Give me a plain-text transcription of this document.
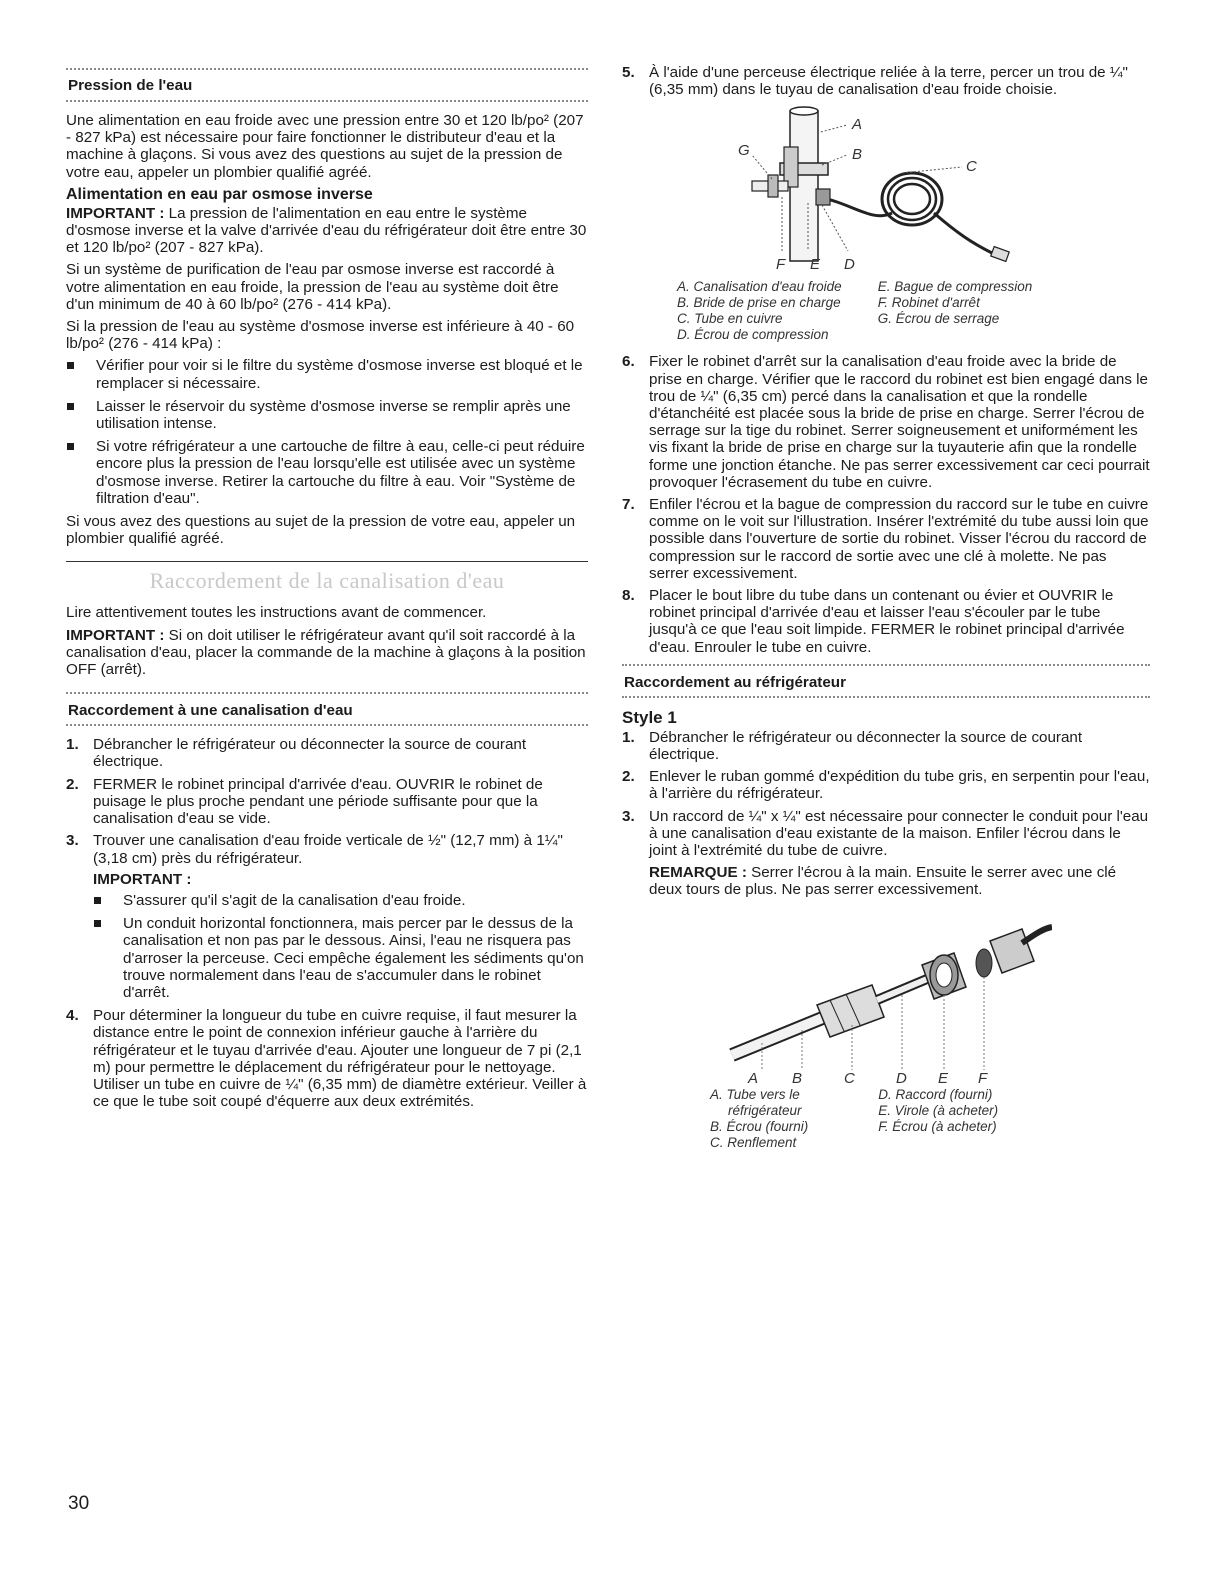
Pression de l'eau

Une alimentation en eau froide avec une pression entre 30 et 120 lb/po² (207 - 827 kPa) est nécessaire pour faire fonctionner le distributeur d'eau et la machine à glaçons. Si vous avez des questions au sujet de la pression de votre eau, appeler un plombier qualifié agréé.

Alimentation en eau par osmose inverse

IMPORTANT : La pression de l'alimentation en eau entre le système d'osmose inverse et la valve d'arrivée d'eau du réfrigérateur doit être entre 30 et 120 lb/po² (207 - 827 kPa).

Si un système de purification de l'eau par osmose inverse est raccordé à votre alimentation en eau froide, la pression de l'eau au système doit être d'un minimum de 40 à 60 lb/po² (276 - 414 kPa).

Si la pression de l'eau au système d'osmose inverse est inférieure à 40 - 60 lb/po² (276 - 414 kPa) :

Vérifier pour voir si le filtre du système d'osmose inverse est bloqué et le remplacer si nécessaire.
Laisser le réservoir du système d'osmose inverse se remplir après une utilisation intense.
Si votre réfrigérateur a une cartouche de filtre à eau, celle-ci peut réduire encore plus la pression de l'eau lorsqu'elle est utilisée avec un système d'osmose inverse. Retirer la cartouche du filtre à eau. Voir "Système de filtration d'eau".

Si vous avez des questions au sujet de la pression de votre eau, appeler un plombier qualifié agréé.

Raccordement de la canalisation d'eau

Lire attentivement toutes les instructions avant de commencer.

IMPORTANT : Si on doit utiliser le réfrigérateur avant qu'il soit raccordé à la canalisation d'eau, placer la commande de la machine à glaçons à la position OFF (arrêt).

Raccordement à une canalisation d'eau
1. Débrancher le réfrigérateur ou déconnecter la source de courant électrique.
2. FERMER le robinet principal d'arrivée d'eau. OUVRIR le robinet de puisage le plus proche pendant une période suffisante pour que la canalisation d'eau se vide.
3. Trouver une canalisation d'eau froide verticale de ½" (12,7 mm) à 1¼" (3,18 cm) près du réfrigérateur.
IMPORTANT :
S'assurer qu'il s'agit de la canalisation d'eau froide.
Un conduit horizontal fonctionnera, mais percer par le dessus de la canalisation et non pas par le dessous. Ainsi, l'eau ne risquera pas d'arroser la perceuse. Ceci empêche également les sédiments qu'on trouve normalement dans l'eau de s'accumuler dans le robinet d'arrêt.
4. Pour déterminer la longueur du tube en cuivre requise, il faut mesurer la distance entre le point de connexion inférieur gauche à l'arrière du réfrigérateur et le tuyau d'arrivée d'eau. Ajouter une longueur de 7 pi (2,1 m) pour permettre le déplacement du réfrigérateur pour le nettoyage. Utiliser un tube en cuivre de ¼" (6,35 mm) de diamètre extérieur. Veiller à ce que le tube soit coupé d'équerre aux deux extrémités.
5. À l'aide d'une perceuse électrique reliée à la terre, percer un trou de ¼" (6,35 mm) dans le tuyau de canalisation d'eau froide choisie.
A
B
C
G
F E D
A. Canalisation d'eau froide
B. Bride de prise en charge
C. Tube en cuivre
D. Écrou de compression
E. Bague de compression
F. Robinet d'arrêt
G. Écrou de serrage
6. Fixer le robinet d'arrêt sur la canalisation d'eau froide avec la bride de prise en charge. Vérifier que le raccord du robinet est bien engagé dans le trou de ¼" (6,35 cm) percé dans la canalisation et que la rondelle d'étanchéité est placée sous la bride de prise en charge. Serrer l'écrou de serrage sur la tige du robinet. Serrer soigneusement et uniformément les vis fixant la bride de prise en charge sur la tuyauterie afin que la rondelle forme une jonction étanche. Ne pas serrer excessivement car ceci pourrait provoquer l'écrasement du tube en cuivre.
7. Enfiler l'écrou et la bague de compression du raccord sur le tube en cuivre comme on le voit sur l'illustration. Insérer l'extrémité du tube aussi loin que possible dans l'ouverture de sortie du robinet. Visser l'écrou du raccord de compression sur le raccord de sortie avec une clé à molette. Ne pas serrer excessivement.
8. Placer le bout libre du tube dans un contenant ou évier et OUVRIR le robinet principal d'arrivée d'eau et laisser l'eau s'écouler par le tube jusqu'à ce que l'eau soit limpide. FERMER le robinet principal d'arrivée d'eau. Enrouler le tube en cuivre.
Raccordement au réfrigérateur
Style 1
1. Débrancher le réfrigérateur ou déconnecter la source de courant électrique.
2. Enlever le ruban gommé d'expédition du tube gris, en serpentin pour l'eau, à l'arrière du réfrigérateur.
3. Un raccord de ¼" x ¼" est nécessaire pour connecter le conduit pour l'eau à une canalisation d'eau existante de la maison. Enfiler l'écrou dans le joint à l'extrémité du tube de cuivre.
REMARQUE : Serrer l'écrou à la main. Ensuite le serrer avec une clé deux tours de plus. Ne pas serrer excessivement.
A B	C	D E F
A. Tube vers le
réfrigérateur
B. Écrou (fourni)
C. Renflement
D. Raccord (fourni)
E. Virole (à acheter)
F. Écrou (à acheter)
30
